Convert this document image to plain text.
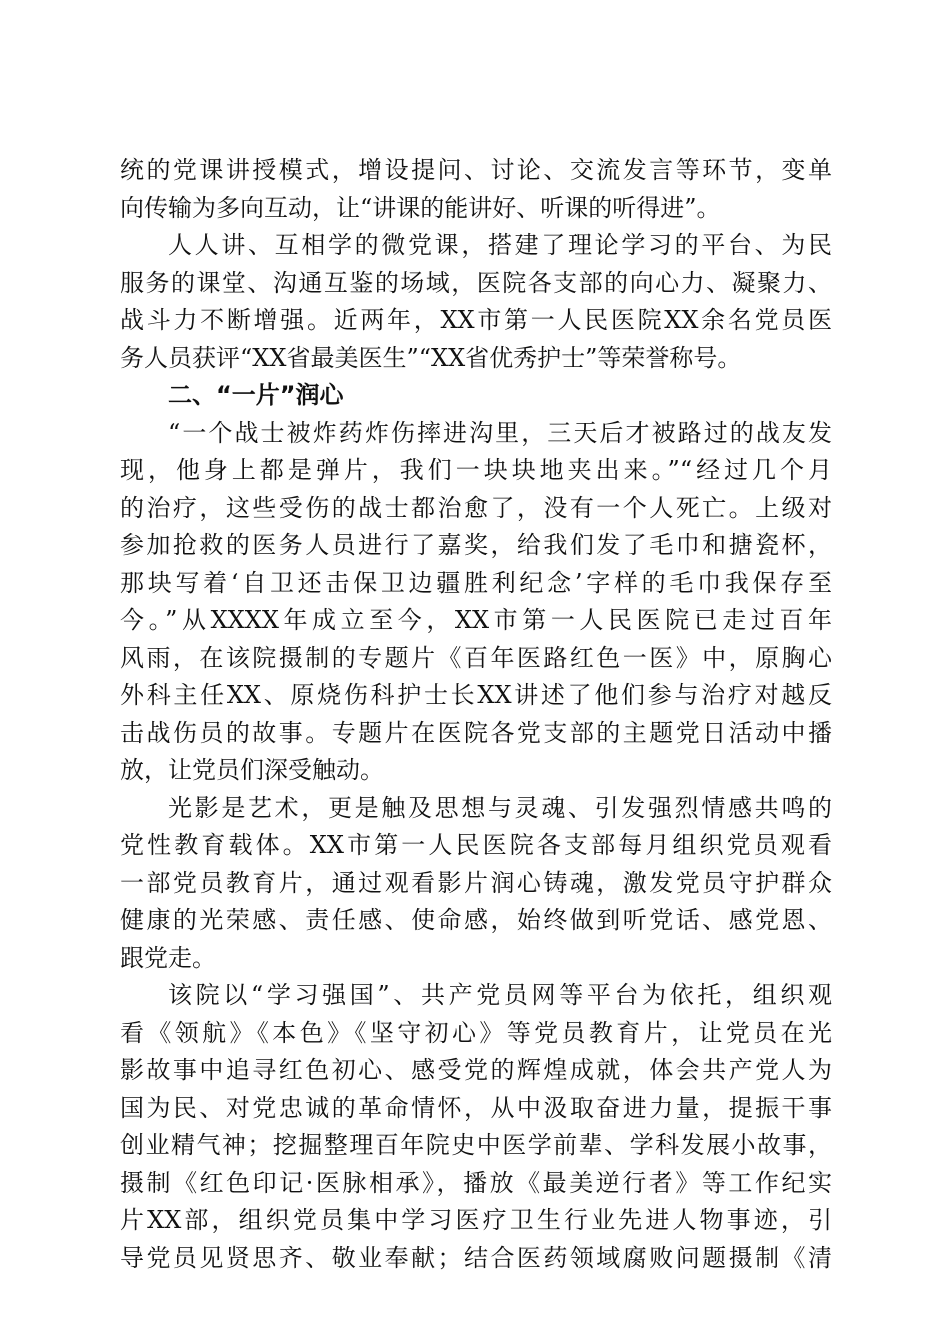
统的党课讲授模式，增设提问、讨论、交流发言等环节，变单
向传输为多向互动，让“讲课的能讲好、听课的听得进”。
人人讲、互相学的微党课，搭建了理论学习的平台、为民
服务的课堂、沟通互鉴的场域，医院各支部的向心力、凝聚力、
战斗力不断增强。近两年，XX市第一人民医院XX余名党员医
务人员获评“XX省最美医生”“XX省优秀护士”等荣誉称号。
二、“一片”润心
“一个战士被炸药炸伤摔进沟里，三天后才被路过的战友发
现，他身上都是弹片，我们一块块地夹出来。”“经过几个月
的治疗，这些受伤的战士都治愈了，没有一个人死亡。上级对
参加抢救的医务人员进行了嘉奖，给我们发了毛巾和搪瓷杯，
那块写着‘自卫还击保卫边疆胜利纪念’字样的毛巾我保存至
今。”从XXXX年成立至今，XX市第一人民医院已走过百年
风雨，在该院摄制的专题片《百年医路红色一医》中，原胸心
外科主任XX、原烧伤科护士长XX讲述了他们参与治疗对越反
击战伤员的故事。专题片在医院各党支部的主题党日活动中播
放，让党员们深受触动。
光影是艺术，更是触及思想与灵魂、引发强烈情感共鸣的
党性教育载体。XX市第一人民医院各支部每月组织党员观看
一部党员教育片，通过观看影片润心铸魂，激发党员守护群众
健康的光荣感、责任感、使命感，始终做到听党话、感党恩、
跟党走。
该院以“学习强国”、共产党员网等平台为依托，组织观
看《领航》《本色》《坚守初心》等党员教育片，让党员在光
影故事中追寻红色初心、感受党的辉煌成就，体会共产党人为
国为民、对党忠诚的革命情怀，从中汲取奋进力量，提振干事
创业精气神；挖掘整理百年院史中医学前辈、学科发展小故事，
摄制《红色印记·医脉相承》，播放《最美逆行者》等工作纪实
片XX部，组织党员集中学习医疗卫生行业先进人物事迹，引
导党员见贤思齐、敬业奉献；结合医药领域腐败问题摄制《清
